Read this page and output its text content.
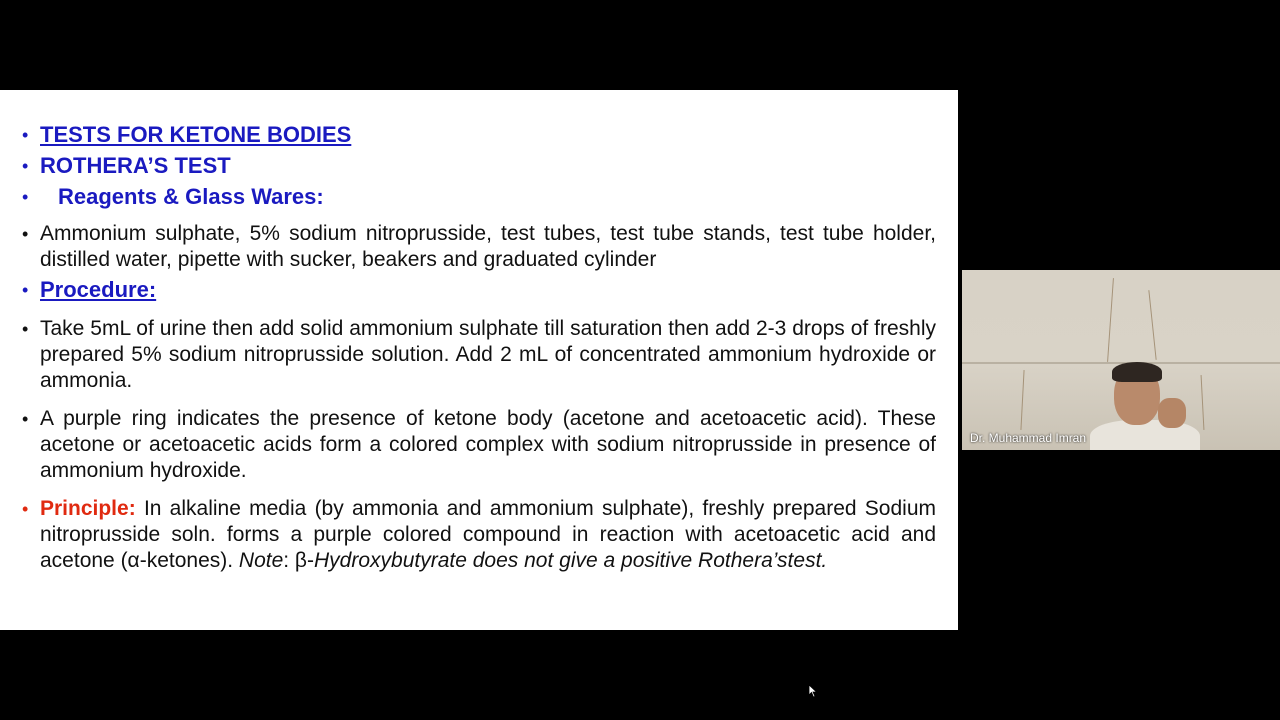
• TESTS FOR KETONE BODIES
• ROTHERA’S TEST
•	Reagents & Glass Wares:
• Ammonium sulphate, 5% sodium nitroprusside, test tubes, test tube stands, test tube holder, distilled water, pipette with sucker, beakers and graduated cylinder
• Procedure:
• Take 5mL of urine then add solid ammonium sulphate till saturation then add 2-3 drops of freshly prepared 5% sodium nitroprusside solution. Add 2 mL of concentrated ammonium hydroxide or ammonia.
• A purple ring indicates the presence of ketone body (acetone and acetoacetic acid). These acetone or acetoacetic acids form a colored complex with sodium nitroprusside in presence of ammonium hydroxide.
• Principle: In alkaline media (by ammonia and ammonium sulphate), freshly prepared Sodium nitroprusside soln. forms a purple colored compound in reaction with acetoacetic acid and acetone (α-ketones). Note: β-Hydroxybutyrate does not give a positive Rothera’stest.
Dr. Muhammad Imran
